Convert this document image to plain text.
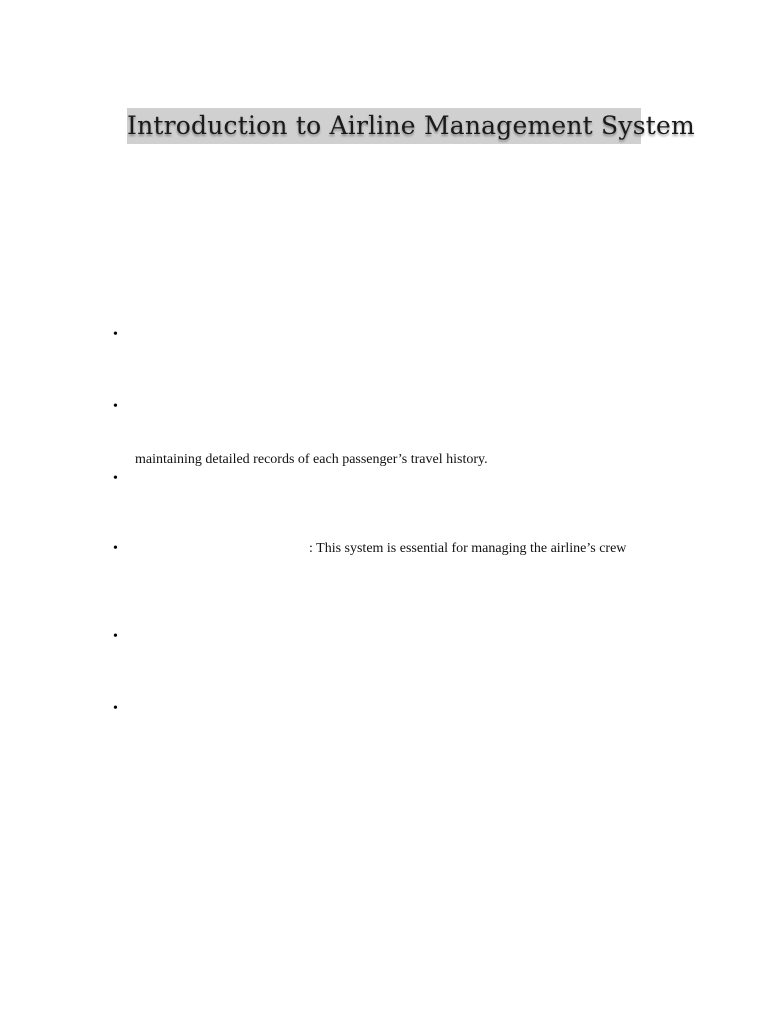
Introduction to Airline Management System
•
•
maintaining detailed records of each passenger’s travel history.
•
•	: This system is essential for managing the airline’s crew
•
•
